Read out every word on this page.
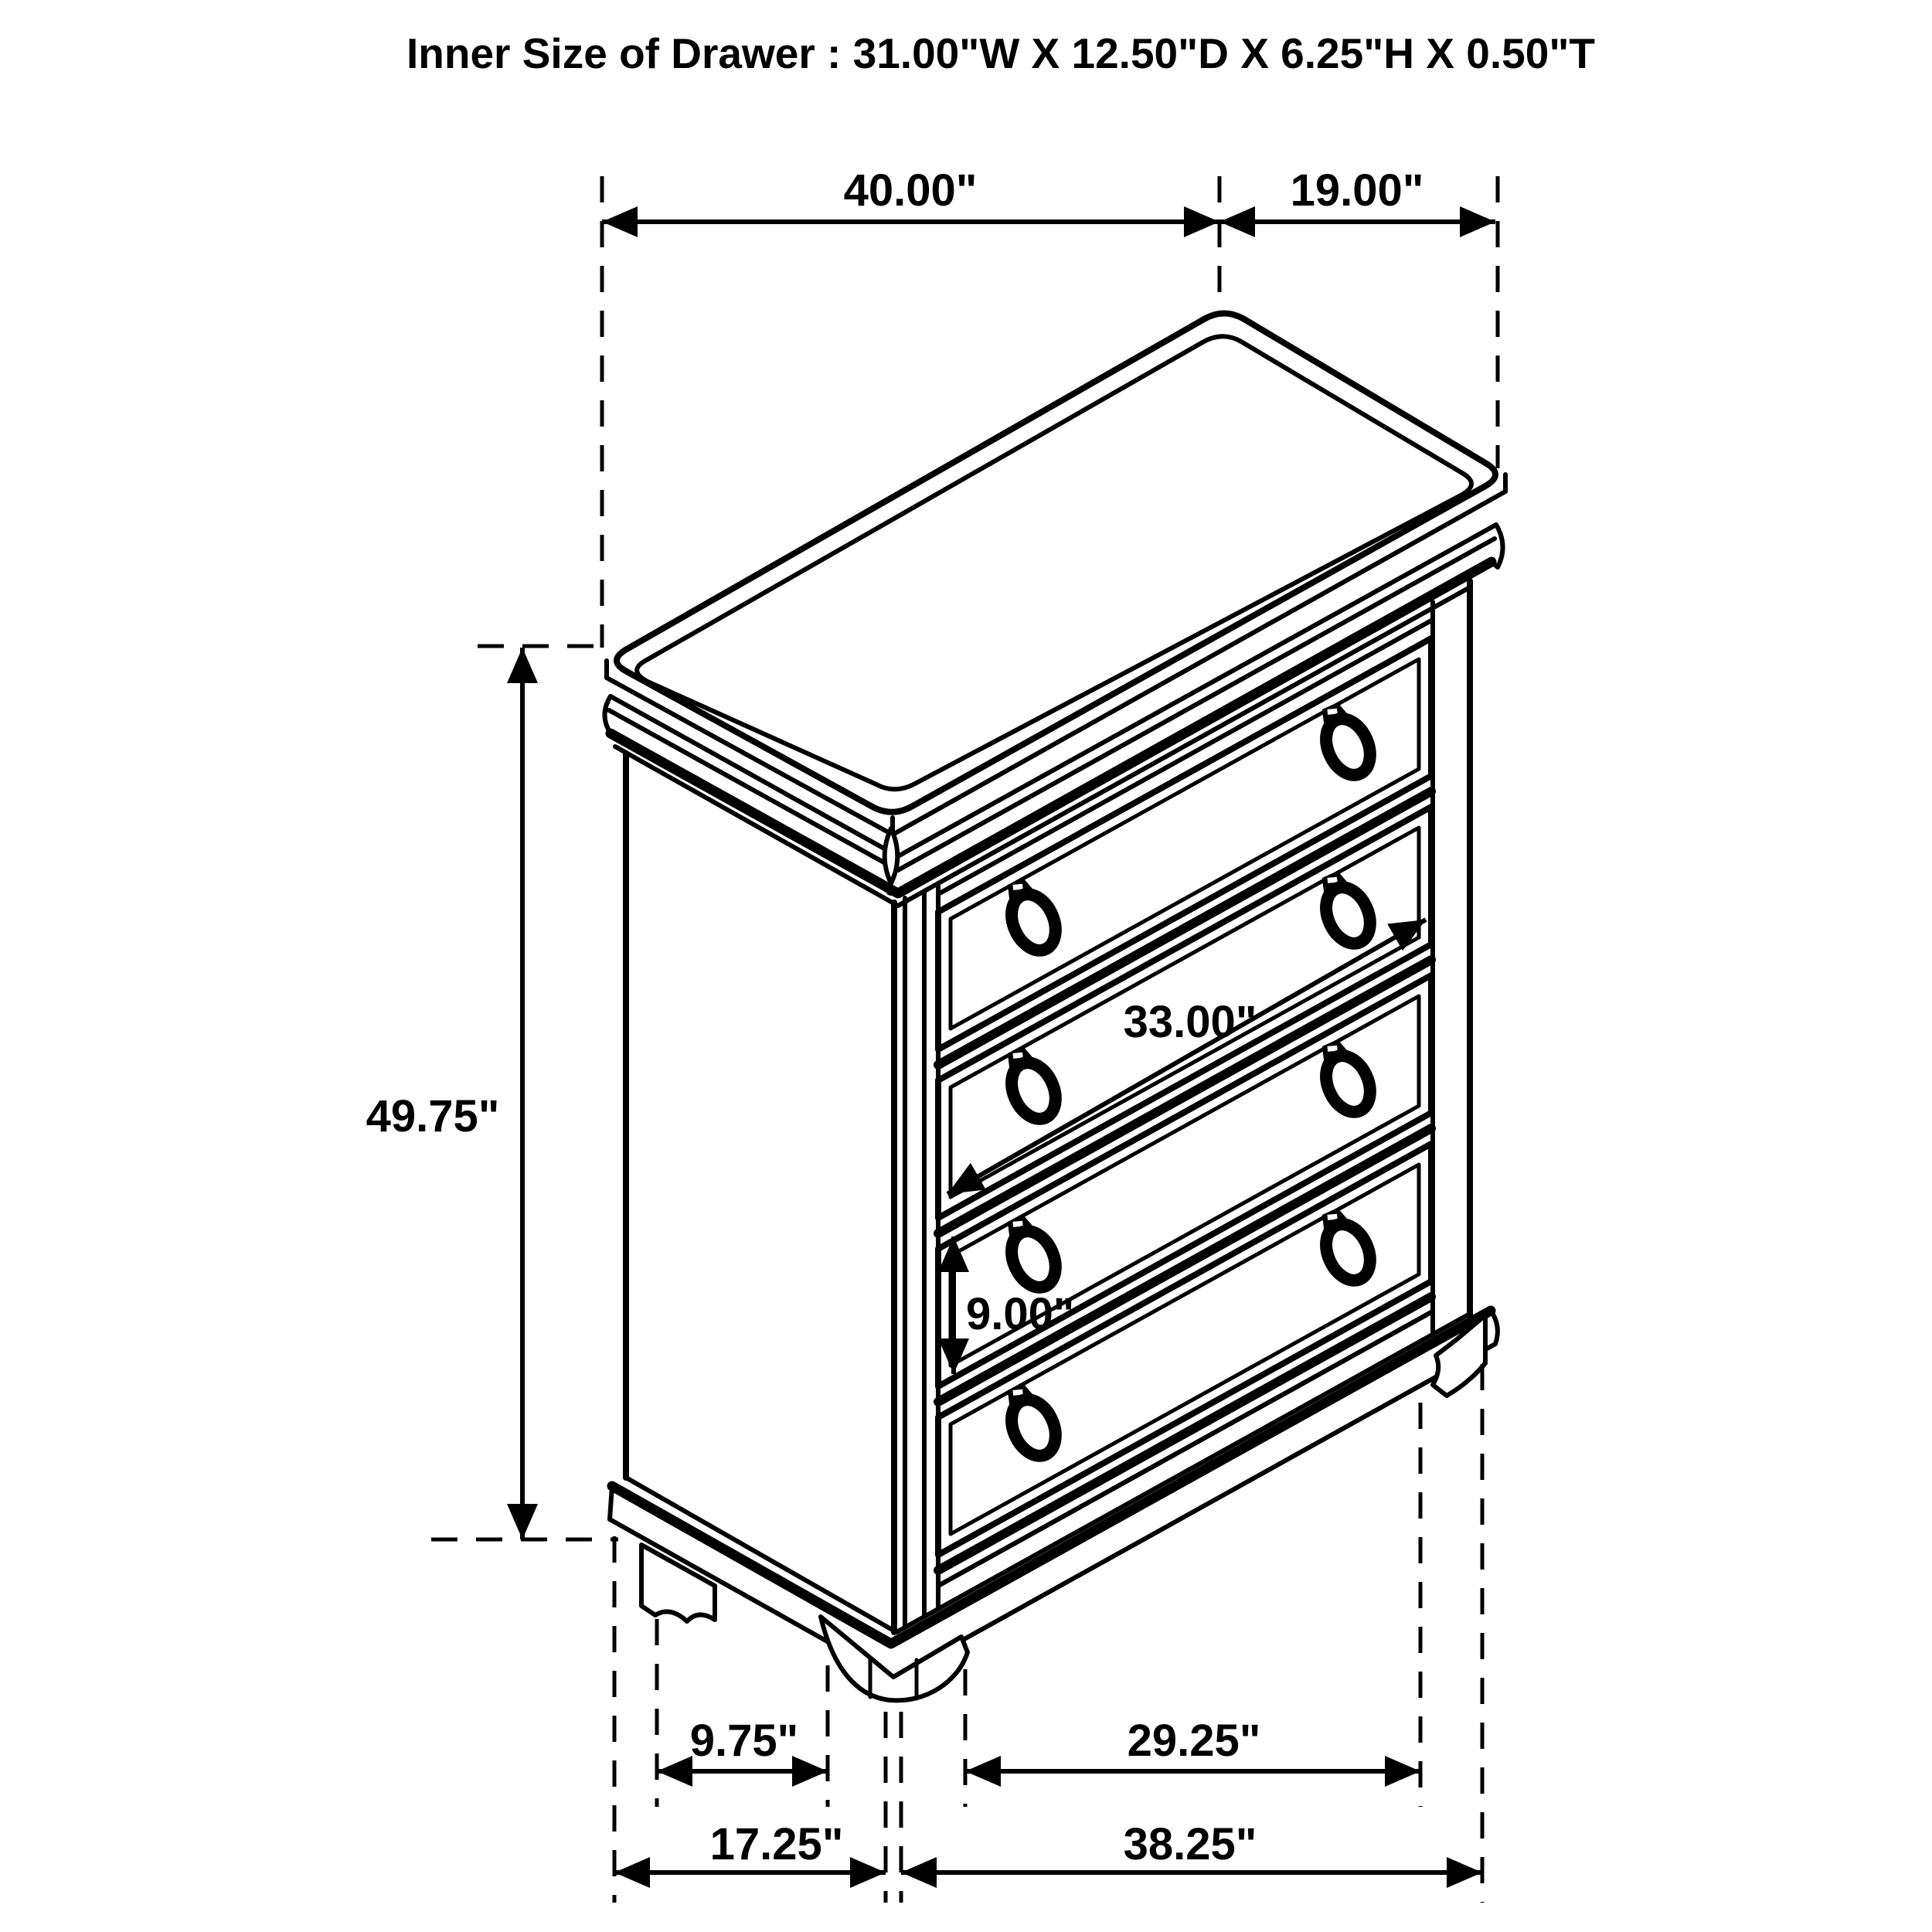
40.00"	19.00"
49.75"
33.00"
9.00"
9.75"	29.25"
17.25"	38.25"
Inner Size of Drawer : 31.00"W X 12.50"D X 6.25"H X 0.50"T
